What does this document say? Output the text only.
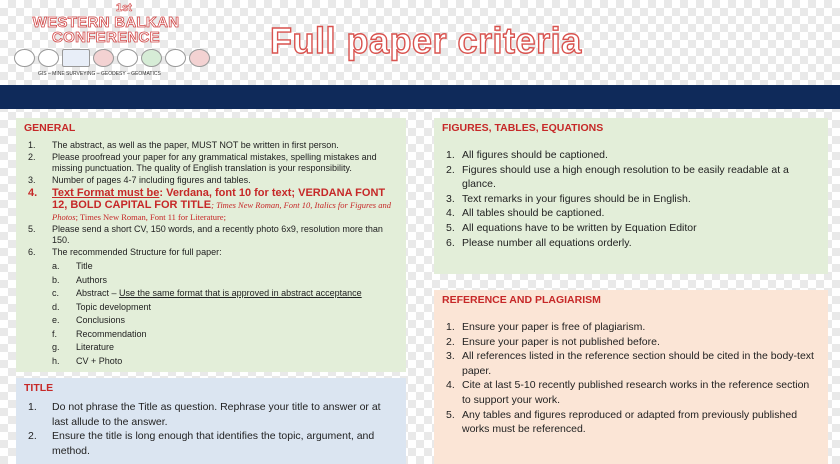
1st
WESTERN BALKAN
CONFERENCE
GIS – MINE SURVEYING – GEODESY – GEOMATICS
Full paper criteria
GENERAL
1. The abstract, as well as the paper, MUST NOT be written in first person.
2. Please proofread your paper for any grammatical mistakes, spelling mistakes and missing punctuation. The quality of English translation is your responsibility.
3. Number of pages 4-7 including figures and tables.
4. Text Format must be: Verdana, font 10 for text; VERDANA FONT 12, BOLD CAPITAL FOR TITLE; Times New Roman, Font 10, Italics for Figures and Photos; Times New Roman, Font 11 for Literature;
5. Please send a short CV, 150 words, and a recently photo 6x9, resolution more than 150.
6. The recommended Structure for full paper:
a. Title
b. Authors
c. Abstract – Use the same format that is approved in abstract acceptance
d. Topic development
e. Conclusions
f. Recommendation
g. Literature
h. CV + Photo
TITLE
1. Do not phrase the Title as question. Rephrase your title to answer or at last allude to the answer.
2. Ensure the title is long enough that identifies the topic, argument, and method.
FIGURES, TABLES, EQUATIONS
1. All figures should be captioned.
2. Figures should use a high enough resolution to be easily readable at a glance.
3. Text remarks in your figures should be in English.
4. All tables should be captioned.
5. All equations have to be written by Equation Editor
6. Please number all equations orderly.
REFERENCE AND PLAGIARISM
1. Ensure your paper is free of plagiarism.
2. Ensure your paper is not published before.
3. All references listed in the reference section should be cited in the body-text paper.
4. Cite at last 5-10 recently published research works in the reference section to support your work.
5. Any tables and figures reproduced or adapted from previously published works must be referenced.
